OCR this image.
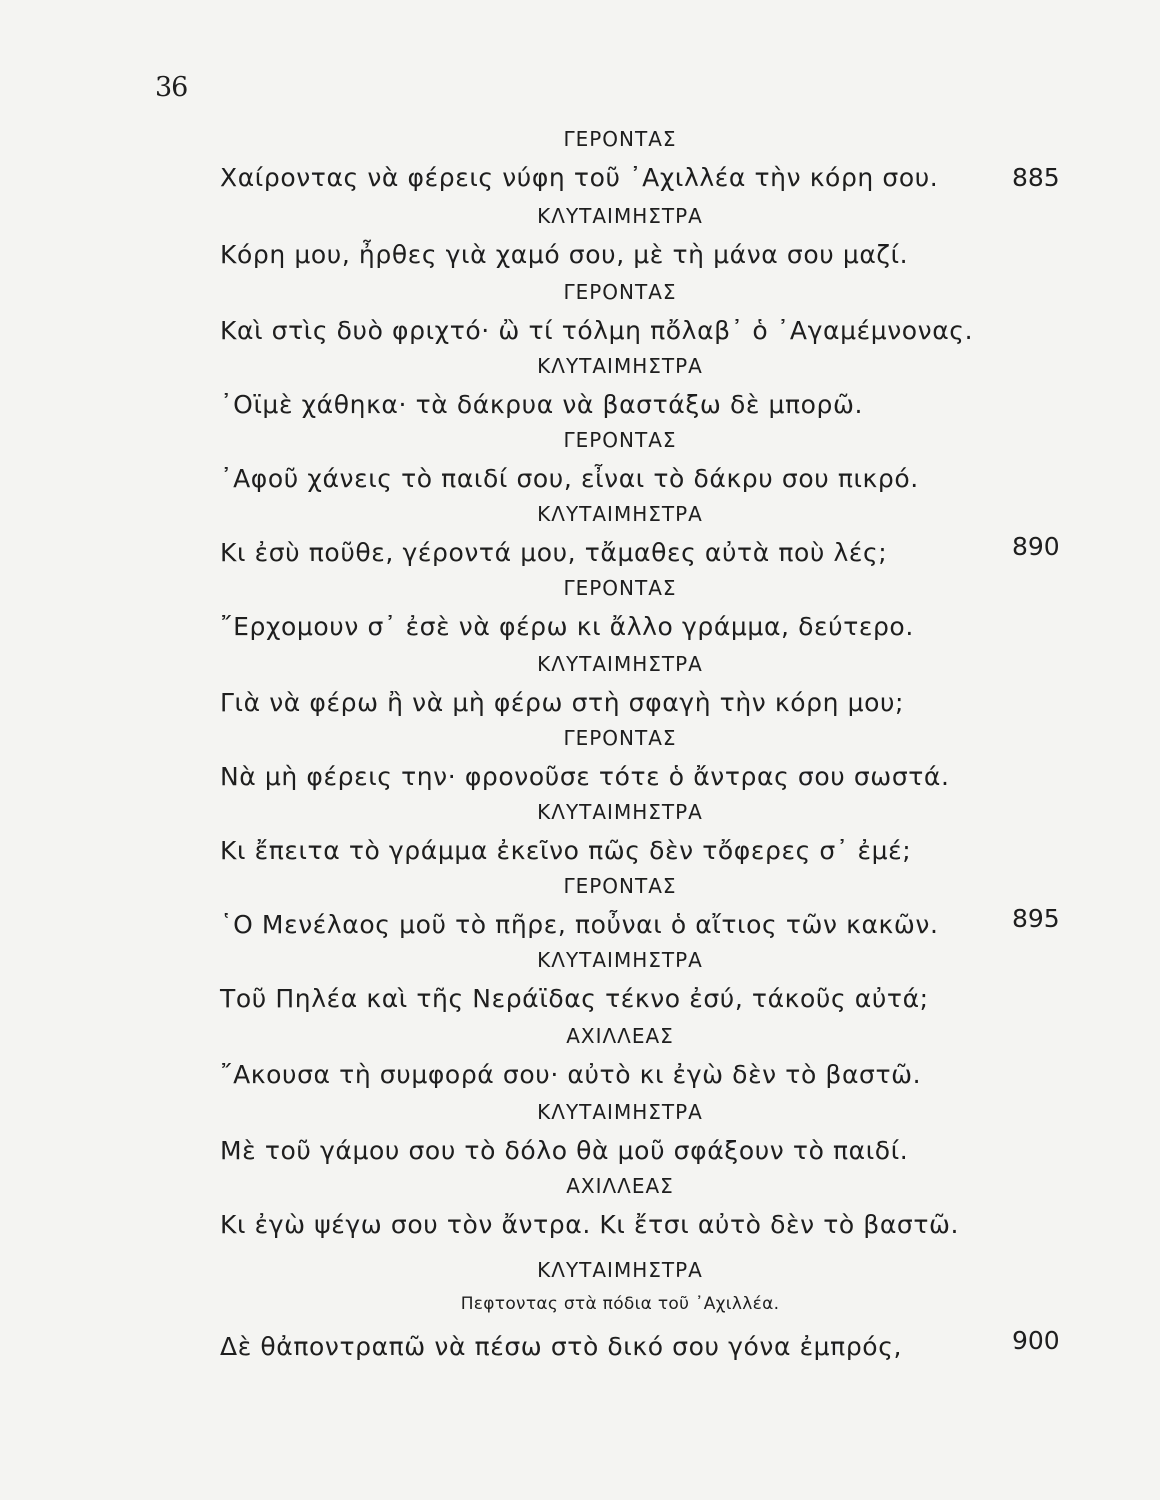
36
ΓΕΡΟΝΤΑΣ
Χαίροντας νὰ φέρεις νύφη τοῦ ᾿Αχιλλέα τὴν κόρη σου.	885
ΚΛΥΤΑΙΜΗΣΤΡΑ
Κόρη μου, ἦρθες γιὰ χαμό σου, μὲ τὴ μάνα σου μαζί.
ΓΕΡΟΝΤΑΣ
Καὶ στὶς δυὸ φριχτό· ὢ τί τόλμη πὄλαβ᾿ ὁ ᾿Αγαμέμνονας.
ΚΛΥΤΑΙΜΗΣΤΡΑ
᾿Οϊμὲ χάθηκα· τὰ δάκρυα νὰ βαστάξω δὲ μπορῶ.
ΓΕΡΟΝΤΑΣ
᾿Αφοῦ χάνεις τὸ παιδί σου, εἶναι τὸ δάκρυ σου πικρό.
ΚΛΥΤΑΙΜΗΣΤΡΑ
Κι ἐσὺ ποῦθε, γέροντά μου, τἄμαθες αὐτὰ ποὺ λές;	890
ΓΕΡΟΝΤΑΣ
῎Ερχομουν σ᾿ ἐσὲ νὰ φέρω κι ἄλλο γράμμα, δεύτερο.
ΚΛΥΤΑΙΜΗΣΤΡΑ
Γιὰ νὰ φέρω ἢ νὰ μὴ φέρω στὴ σφαγὴ τὴν κόρη μου;
ΓΕΡΟΝΤΑΣ
Νὰ μὴ φέρεις την· φρονοῦσε τότε ὁ ἄντρας σου σωστά.
ΚΛΥΤΑΙΜΗΣΤΡΑ
Κι ἔπειτα τὸ γράμμα ἐκεῖνο πῶς δὲν τὄφερες σ᾿ ἐμέ;
ΓΕΡΟΝΤΑΣ
῾Ο Μενέλαος μοῦ τὸ πῆρε, ποὖναι ὁ αἴτιος τῶν κακῶν.	895
ΚΛΥΤΑΙΜΗΣΤΡΑ
Τοῦ Πηλέα καὶ τῆς Νεράϊδας τέκνο ἐσύ, τάκοῦς αὐτά;
ΑΧΙΛΛΕΑΣ
῎Ακουσα τὴ συμφορά σου· αὐτὸ κι ἐγὼ δὲν τὸ βαστῶ.
ΚΛΥΤΑΙΜΗΣΤΡΑ
Μὲ τοῦ γάμου σου τὸ δόλο θὰ μοῦ σφάξουν τὸ παιδί.
ΑΧΙΛΛΕΑΣ
Κι ἐγὼ ψέγω σου τὸν ἄντρα. Κι ἔτσι αὐτὸ δὲν τὸ βαστῶ.
ΚΛΥΤΑΙΜΗΣΤΡΑ
Πεφτοντας στὰ πόδια τοῦ ᾿Αχιλλέα.
Δὲ θἀποντραπῶ νὰ πέσω στὸ δικό σου γόνα ἐμπρός,	900
